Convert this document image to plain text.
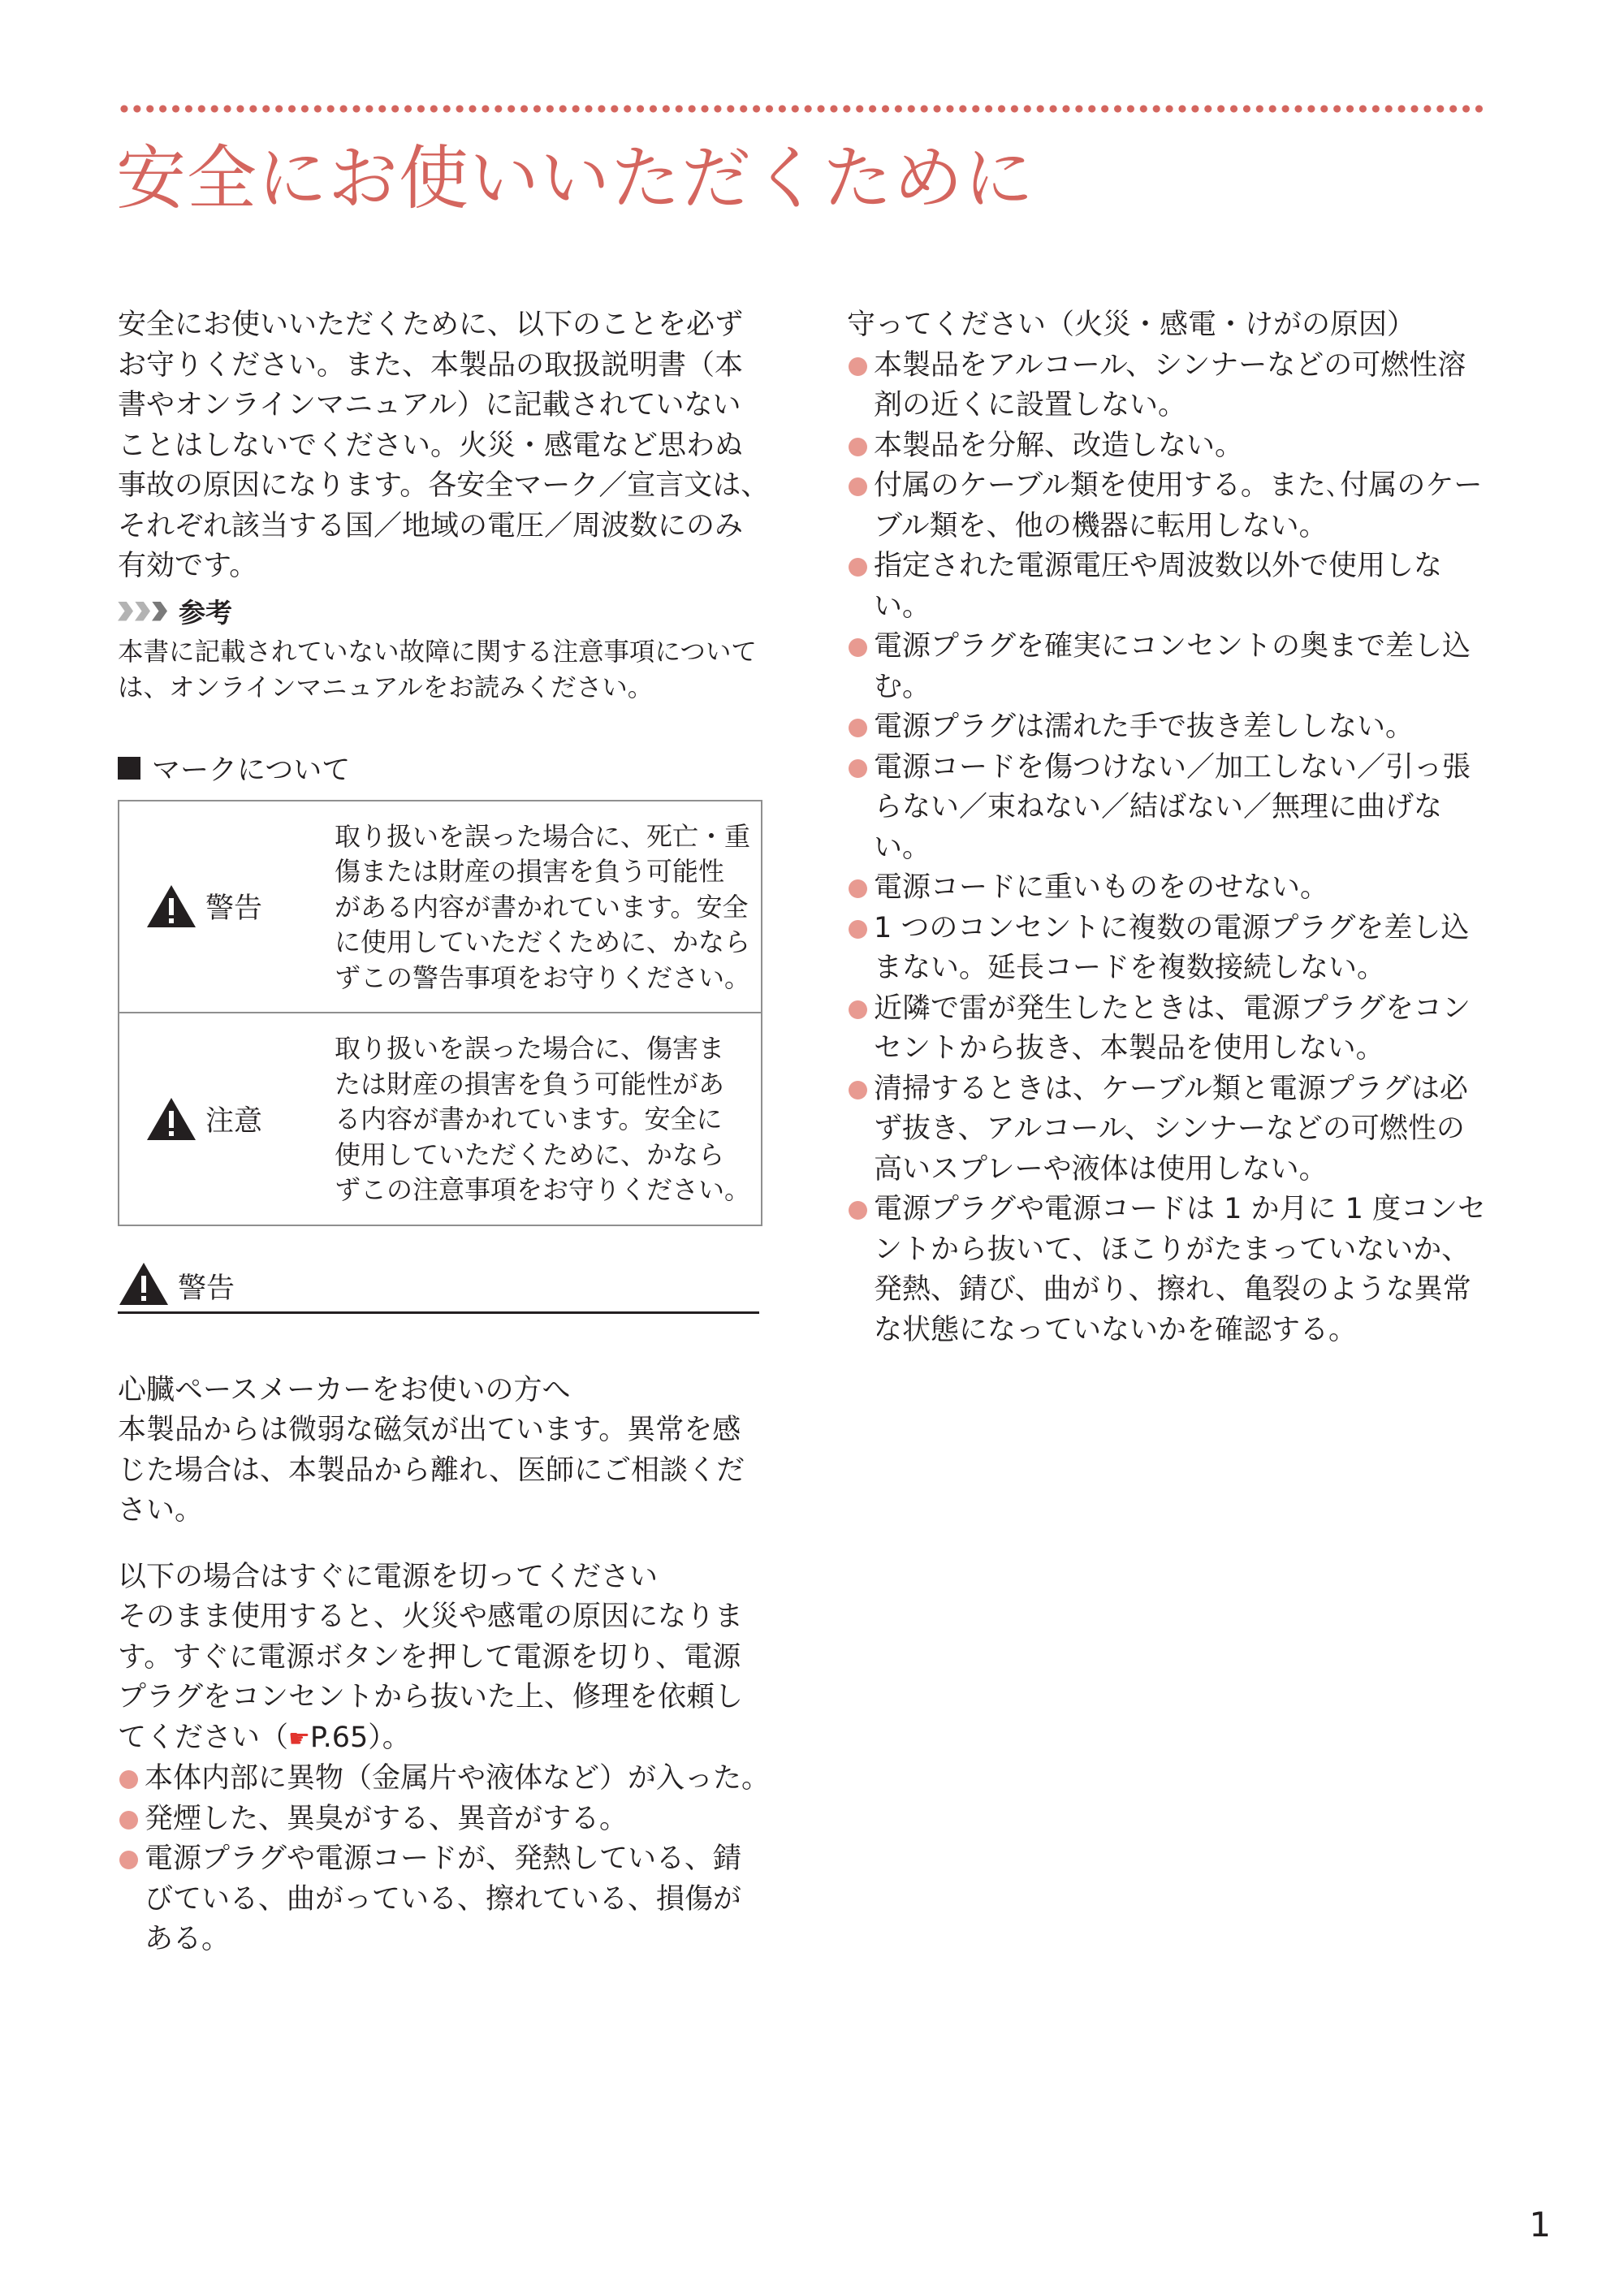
安全にお使いいただくために

安全にお使いいただくために、以下のことを必ず
お守りください。また、本製品の取扱説明書（本
書やオンラインマニュアル）に記載されていない
ことはしないでください。火災・感電など思わぬ
事故の原因になります。各安全マーク／宣言文は、
それぞれ該当する国／地域の電圧／周波数にのみ
有効です。

参考

本書に記載されていない故障に関する注意事項について
は、オンラインマニュアルをお読みください。

マークについて
警告
取り扱いを誤った場合に、死亡・重
傷または財産の損害を負う可能性
がある内容が書かれています。安全
に使用していただくために、かなら
ずこの警告事項をお守りください。

注意
取り扱いを誤った場合に、傷害ま
たは財産の損害を負う可能性があ
る内容が書かれています。安全に
使用していただくために、かなら
ずこの注意事項をお守りください。
警告

心臓ペースメーカーをお使いの方へ

本製品からは微弱な磁気が出ています。異常を感
じた場合は、本製品から離れ、医師にご相談くだ
さい。

以下の場合はすぐに電源を切ってください

そのまま使用すると、火災や感電の原因になりま
す。すぐに電源ボタンを押して電源を切り、電源
プラグをコンセントから抜いた上、修理を依頼し
てください（☛P.65）。

本体内部に異物（金属片や液体など）が入った。
発煙した、異臭がする、異音がする。
電源プラグや電源コードが、発熱している、錆
びている、曲がっている、擦れている、損傷が
ある。

守ってください（火災・感電・けがの原因）

本製品をアルコール、シンナーなどの可燃性溶
剤の近くに設置しない。
本製品を分解、改造しない。
付属のケーブル類を使用する。また､付属のケー
ブル類を、他の機器に転用しない。
指定された電源電圧や周波数以外で使用しな
い。
電源プラグを確実にコンセントの奥まで差し込
む。
電源プラグは濡れた手で抜き差ししない。
電源コードを傷つけない／加工しない／引っ張
らない／束ねない／結ばない／無理に曲げな
い。
電源コードに重いものをのせない。
1 つのコンセントに複数の電源プラグを差し込
まない。延長コードを複数接続しない。
近隣で雷が発生したときは、電源プラグをコン
セントから抜き、本製品を使用しない。
清掃するときは、ケーブル類と電源プラグは必
ず抜き、アルコール、シンナーなどの可燃性の
高いスプレーや液体は使用しない。
電源プラグや電源コードは 1 か月に 1 度コンセ
ントから抜いて、ほこりがたまっていないか、
発熱、錆び、曲がり、擦れ、亀裂のような異常
な状態になっていないかを確認する。
1
